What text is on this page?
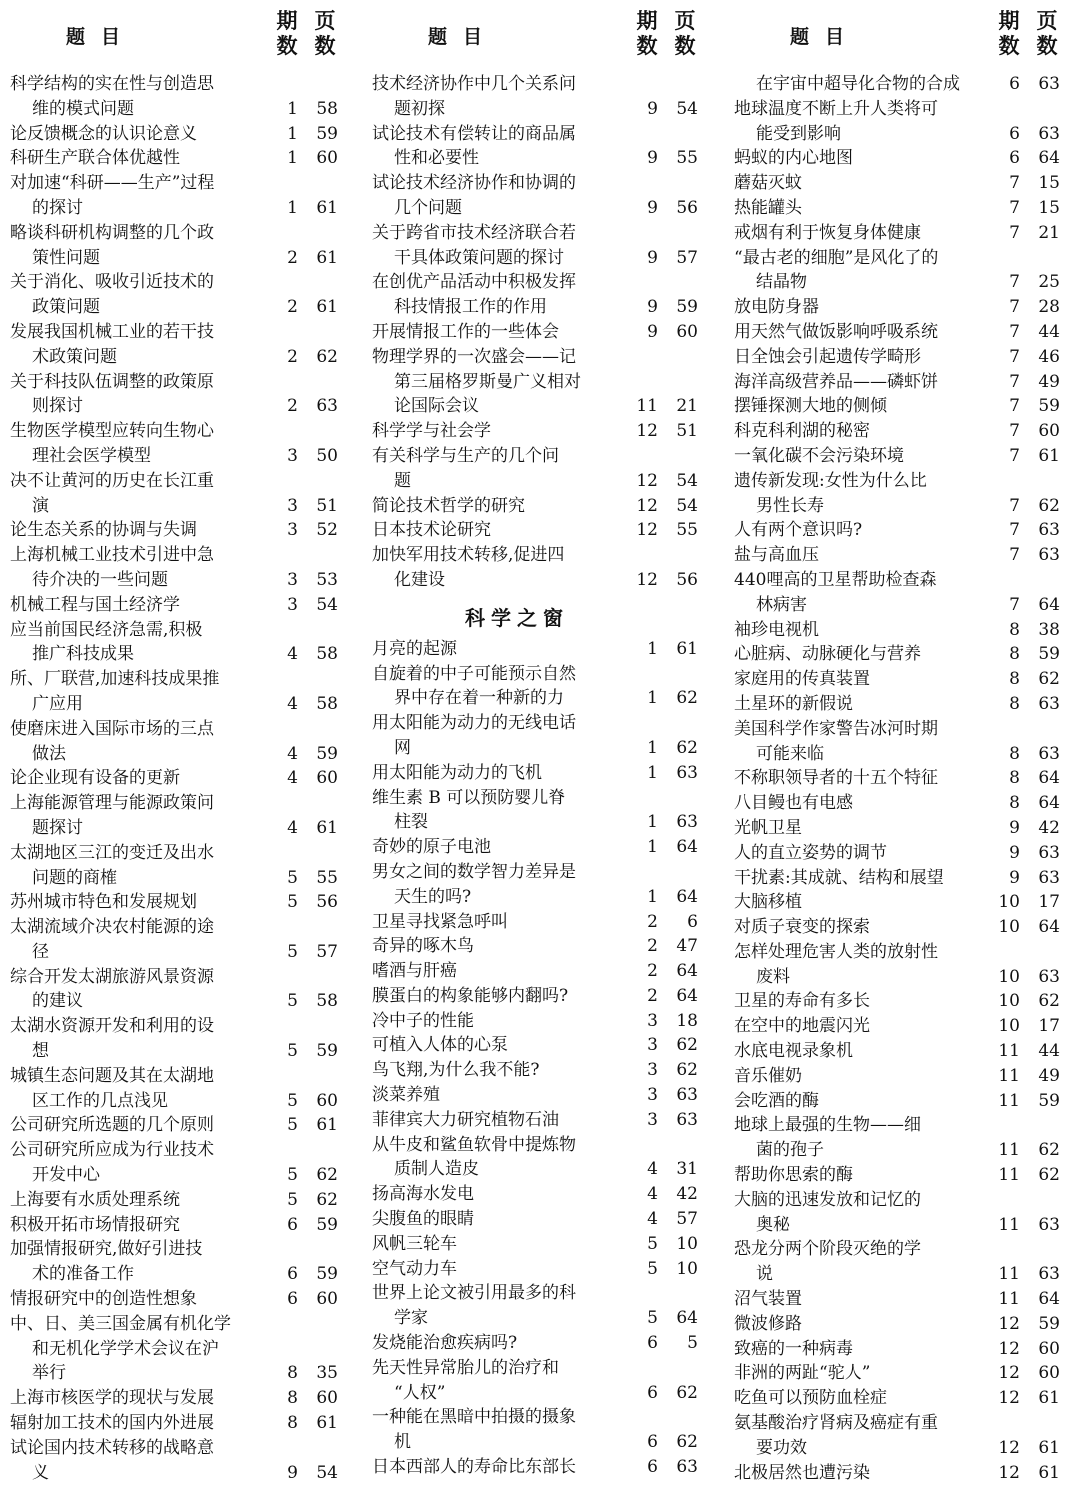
题目
期数
页数
科学结构的实在性与创造思
维的模式问题	1	58
论反馈概念的认识论意义	1	59
科研生产联合体优越性	1	60
对加速“科研——生产”过程
的探讨	1	61
略谈科研机构调整的几个政
策性问题	2	61
关于消化、吸收引近技术的
政策问题	2	61
发展我国机械工业的若干技
术政策问题	2	62
关于科技队伍调整的政策原
则探讨	2	63
生物医学模型应转向生物心
理社会医学模型	3	50
决不让黄河的历史在长江重
演	3	51
论生态关系的协调与失调	3	52
上海机械工业技术引进中急
待介决的一些问题	3	53
机械工程与国土经济学	3	54
应当前国民经济急需,积极
推广科技成果	4	58
所、厂联营,加速科技成果推
广应用	4	58
使磨床进入国际市场的三点
做法	4	59
论企业现有设备的更新	4	60
上海能源管理与能源政策问
题探讨	4	61
太湖地区三江的变迁及出水
问题的商榷	5	55
苏州城市特色和发展规划	5	56
太湖流域介决农村能源的途
径	5	57
综合开发太湖旅游风景资源
的建议	5	58
太湖水资源开发和利用的设
想	5	59
城镇生态问题及其在太湖地
区工作的几点浅见	5	60
公司研究所选题的几个原则	5	61
公司研究所应成为行业技术
开发中心	5	62
上海要有水质处理系统	5	62
积极开拓市场情报研究	6	59
加强情报研究,做好引进技
术的准备工作	6	59
情报研究中的创造性想象	6	60
中、日、美三国金属有机化学
和无机化学学术会议在沪
举行	8	35
上海市核医学的现状与发展	8	60
辐射加工技术的国内外进展	8	61
试论国内技术转移的战略意
义	9	54
题目
期数
页数
技术经济协作中几个关系问
题初探	9	54
试论技术有偿转让的商品属
性和必要性	9	55
试论技术经济协作和协调的
几个问题	9	56
关于跨省市技术经济联合若
干具体政策问题的探讨	9	57
在创优产品活动中积极发挥
科技情报工作的作用	9	59
开展情报工作的一些体会	9	60
物理学界的一次盛会——记
第三届格罗斯曼广义相对
论国际会议	11	21
科学学与社会学	12	51
有关科学与生产的几个问
题	12	54
简论技术哲学的研究	12	54
日本技术论研究	12	55
加快军用技术转移,促进四
化建设	12	56
科学之窗
月亮的起源	1	61
自旋着的中子可能预示自然
界中存在着一种新的力	1	62
用太阳能为动力的无线电话
网	1	62
用太阳能为动力的飞机	1	63
维生素 B 可以预防婴儿脊
柱裂	1	63
奇妙的原子电池	1	64
男女之间的数学智力差异是
天生的吗?	1	64
卫星寻找紧急呼叫	2	6
奇异的啄木鸟	2	47
嗜酒与肝癌	2	64
膜蛋白的构象能够内翻吗?	2	64
冷中子的性能	3	18
可植入人体的心泵	3	62
鸟飞翔,为什么我不能?	3	62
淡菜养殖	3	63
菲律宾大力研究植物石油	3	63
从牛皮和鲨鱼软骨中提炼物
质制人造皮	4	31
扬高海水发电	4	42
尖腹鱼的眼睛	4	57
风帆三轮车	5	10
空气动力车	5	10
世界上论文被引用最多的科
学家	5	64
发烧能治愈疾病吗?	6	5
先天性异常胎儿的治疗和
“人权”	6	62
一种能在黑暗中拍摄的摄象
机	6	62
日本西部人的寿命比东部长	6	63
题目
期数
页数
在宇宙中超导化合物的合成	6	63
地球温度不断上升人类将可
能受到影响	6	63
蚂蚁的内心地图	6	64
蘑菇灭蚊	7	15
热能罐头	7	15
戒烟有利于恢复身体健康	7	21
“最古老的细胞”是风化了的
结晶物	7	25
放电防身器	7	28
用天然气做饭影响呼吸系统	7	44
日全蚀会引起遗传学畸形	7	46
海洋高级营养品——磷虾饼	7	49
摆锤探测大地的侧倾	7	59
科克科利湖的秘密	7	60
一氧化碳不会污染环境	7	61
遗传新发现:女性为什么比
男性长寿	7	62
人有两个意识吗?	7	63
盐与高血压	7	63
440哩高的卫星帮助检查森
林病害	7	64
袖珍电视机	8	38
心脏病、动脉硬化与营养	8	59
家庭用的传真装置	8	62
土星环的新假说	8	63
美国科学作家警告冰河时期
可能来临	8	63
不称职领导者的十五个特征	8	64
八目鳗也有电感	8	64
光帆卫星	9	42
人的直立姿势的调节	9	63
干扰素:其成就、结构和展望	9	63
大脑移植	10	17
对质子衰变的探索	10	64
怎样处理危害人类的放射性
废料	10	63
卫星的寿命有多长	10	62
在空中的地震闪光	10	17
水底电视录象机	11	44
音乐催奶	11	49
会吃酒的酶	11	59
地球上最强的生物——细
菌的孢子	11	62
帮助你思索的酶	11	62
大脑的迅速发放和记忆的
奥秘	11	63
恐龙分两个阶段灭绝的学
说	11	63
沼气装置	11	64
微波修路	12	59
致癌的一种病毒	12	60
非洲的两趾“驼人”	12	60
吃鱼可以预防血栓症	12	61
氨基酸治疗肾病及癌症有重
要功效	12	61
北极居然也遭污染	12	61
